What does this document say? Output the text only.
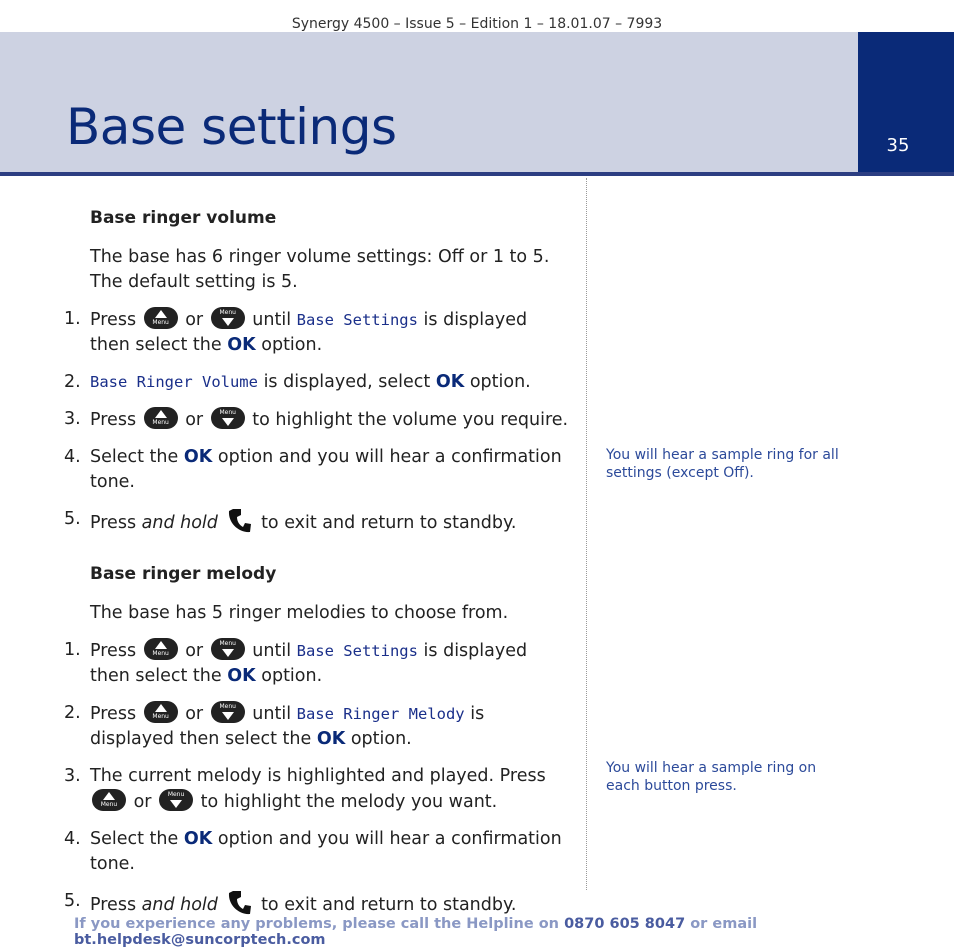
Synergy 4500 – Issue 5 – Edition 1 – 18.01.07 – 7993
Base settings	35
Base ringer volume

The base has 6 ringer volume settings: Off or 1 to 5. The default setting is 5.

1. Press	Menu or	Menu until Base Settings is displayed then select the OK option.
2. Base Ringer Volume is displayed, select OK option.
3. Press	Menu or	Menu to highlight the volume you require.
4. Select the OK option and you will hear a confirmation tone.
5. Press and hold to exit and return to standby.
Base ringer melody

The base has 5 ringer melodies to choose from.

1. Press	Menu or	Menu until Base Settings is displayed then select the OK option.
2. Press	Menu or	Menu until Base Ringer Melody is displayed then select the OK option.
3. The current melody is highlighted and played. Press
Menu or	Menu to highlight the melody you want.
4. Select the OK option and you will hear a confirmation tone.
5. Press and hold to exit and return to standby.
You will hear a sample ring for all settings (except Off).
You will hear a sample ring on each button press.
If you experience any problems, please call the Helpline on 0870 605 8047 or email bt.helpdesk@suncorptech.com
